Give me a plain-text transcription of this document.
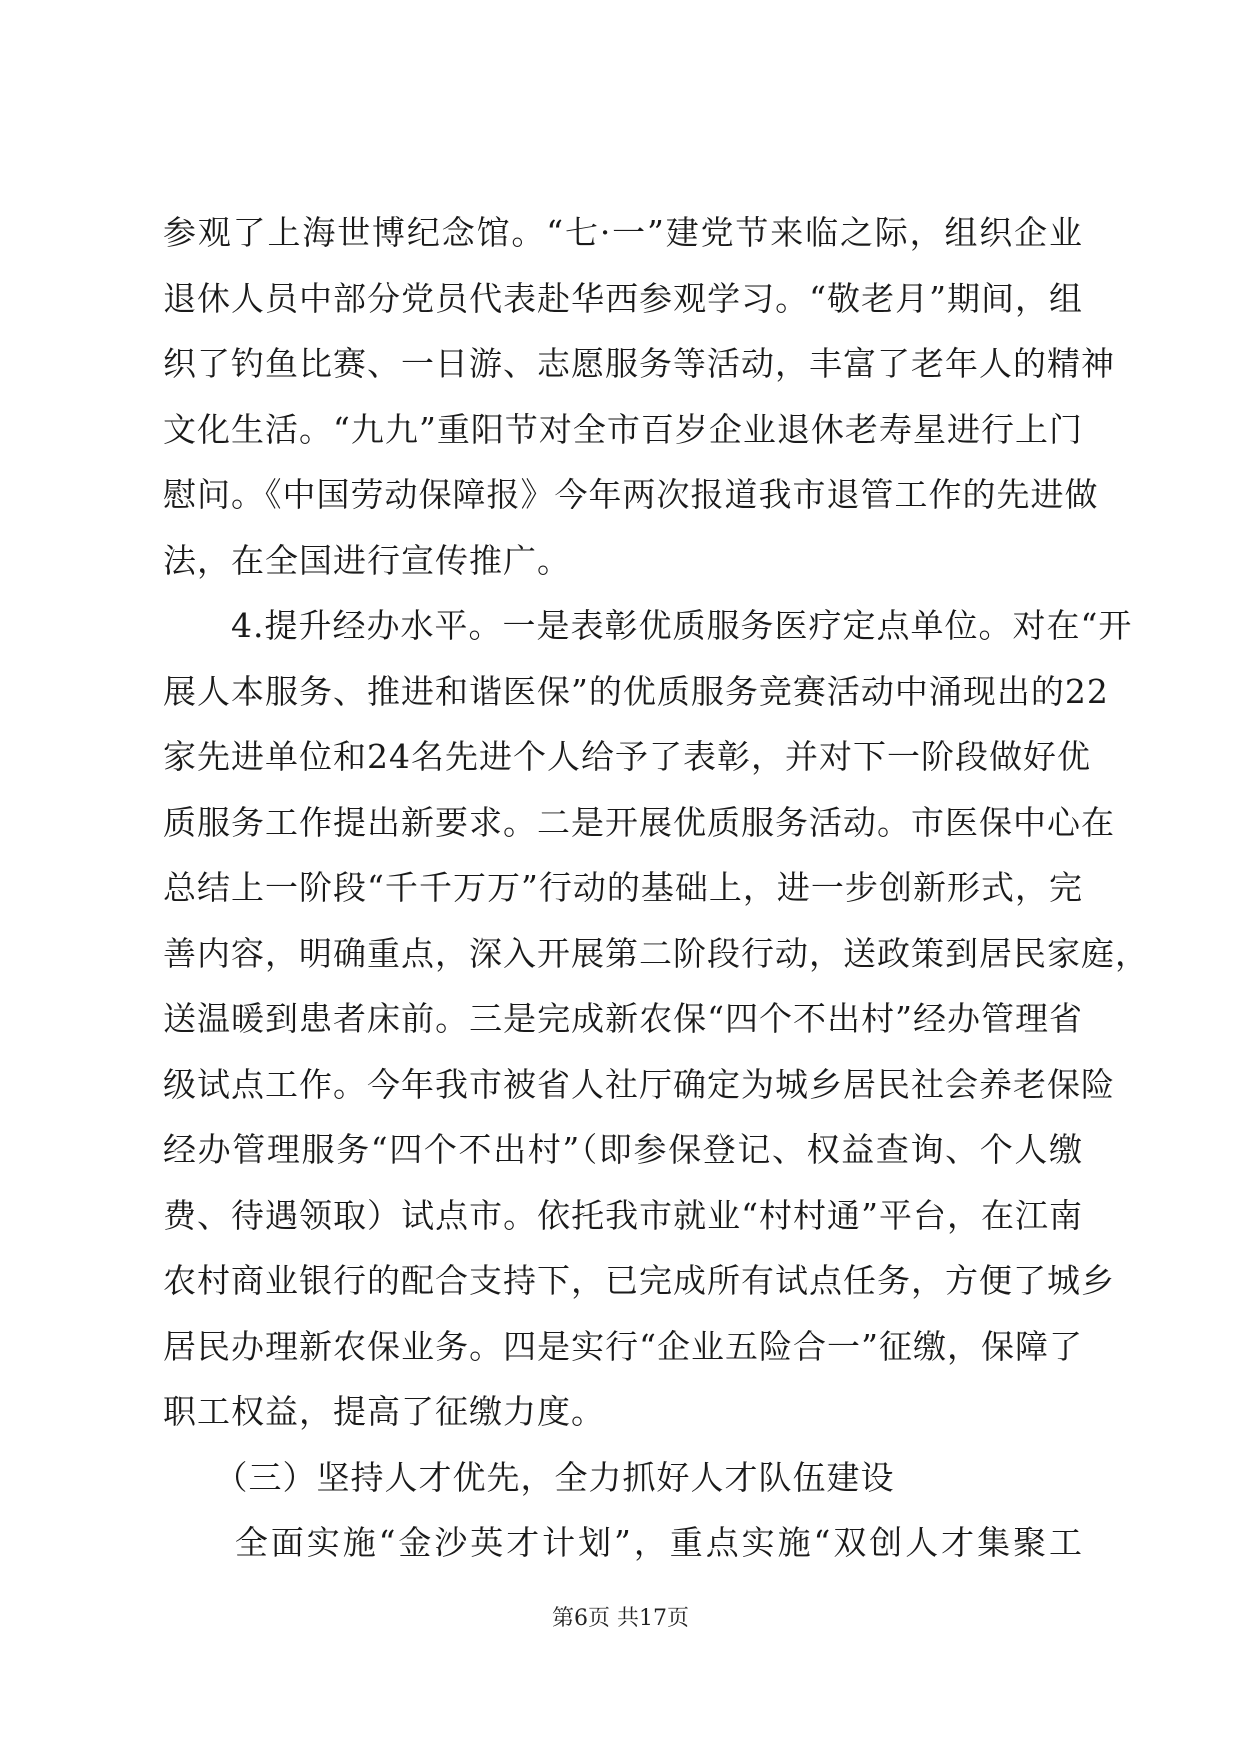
参观了上海世博纪念馆。“七·一”建党节来临之际，组织企业
退休人员中部分党员代表赴华西参观学习。“敬老月”期间，组
织了钓鱼比赛、一日游、志愿服务等活动，丰富了老年人的精神
文化生活。“九九”重阳节对全市百岁企业退休老寿星进行上门
慰问。《中国劳动保障报》今年两次报道我市退管工作的先进做
法，在全国进行宣传推广。
　　4.提升经办水平。一是表彰优质服务医疗定点单位。对在“开
展人本服务、推进和谐医保”的优质服务竞赛活动中涌现出的22
家先进单位和24名先进个人给予了表彰，并对下一阶段做好优
质服务工作提出新要求。二是开展优质服务活动。市医保中心在
总结上一阶段“千千万万”行动的基础上，进一步创新形式，完
善内容，明确重点，深入开展第二阶段行动，送政策到居民家庭，
送温暖到患者床前。三是完成新农保“四个不出村”经办管理省
级试点工作。今年我市被省人社厅确定为城乡居民社会养老保险
经办管理服务“四个不出村”（即参保登记、权益查询、个人缴
费、待遇领取）试点市。依托我市就业“村村通”平台，在江南
农村商业银行的配合支持下，已完成所有试点任务，方便了城乡
居民办理新农保业务。四是实行“企业五险合一”征缴，保障了
职工权益，提高了征缴力度。
　　（三）坚持人才优先，全力抓好人才队伍建设
　　全面实施“金沙英才计划”，重点实施“双创人才集聚工
第6页 共17页
